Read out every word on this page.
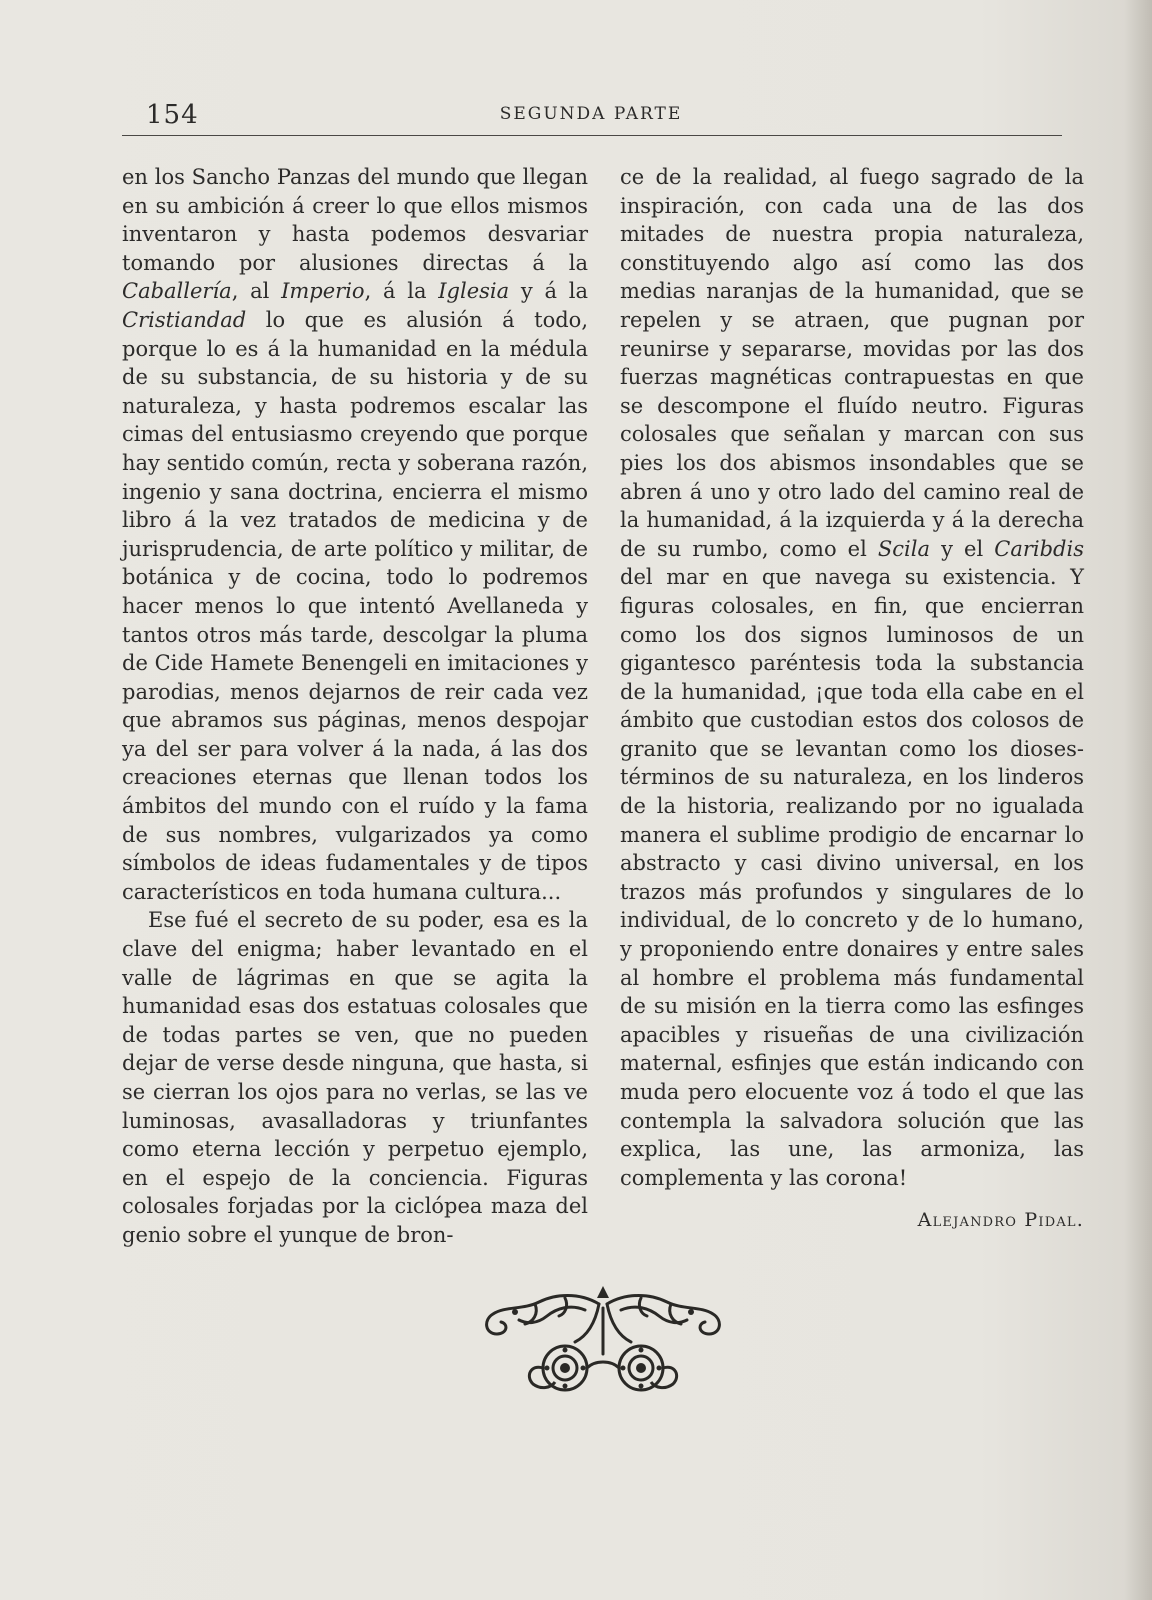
154	SEGUNDA PARTE

en los Sancho Panzas del mundo que llegan en su ambición á creer lo que ellos mismos inventaron y hasta podemos desvariar tomando por alusiones directas á la Caballería, al Imperio, á la Iglesia y á la Cristiandad lo que es alusión á todo, porque lo es á la humanidad en la médula de su substancia, de su historia y de su naturaleza, y hasta podremos escalar las cimas del entusiasmo creyendo que porque hay sentido común, recta y soberana razón, ingenio y sana doctrina, encierra el mismo libro á la vez tratados de medicina y de jurisprudencia, de arte político y militar, de botánica y de cocina, todo lo podremos hacer menos lo que intentó Avellaneda y tantos otros más tarde, descolgar la pluma de Cide Hamete Benengeli en imitaciones y parodias, menos dejarnos de reir cada vez que abramos sus páginas, menos despojar ya del ser para volver á la nada, á las dos creaciones eternas que llenan todos los ámbitos del mundo con el ruído y la fama de sus nombres, vulgarizados ya como símbolos de ideas fudamentales y de tipos característicos en toda humana cultura...

Ese fué el secreto de su poder, esa es la clave del enigma; haber levantado en el valle de lágrimas en que se agita la humanidad esas dos estatuas colosales que de todas partes se ven, que no pueden dejar de verse desde ninguna, que hasta, si se cierran los ojos para no verlas, se las ve luminosas, avasalladoras y triunfantes como eterna lección y perpetuo ejemplo, en el espejo de la conciencia. Figuras colosales forjadas por la ciclópea maza del genio sobre el yunque de bron-

ce de la realidad, al fuego sagrado de la inspiración, con cada una de las dos mitades de nuestra propia naturaleza, constituyendo algo así como las dos medias naranjas de la humanidad, que se repelen y se atraen, que pugnan por reunirse y separarse, movidas por las dos fuerzas magnéticas contrapuestas en que se descompone el fluído neutro. Figuras colosales que señalan y marcan con sus pies los dos abismos insondables que se abren á uno y otro lado del camino real de la humanidad, á la izquierda y á la derecha de su rumbo, como el Scila y el Caribdis del mar en que navega su existencia. Y figuras colosales, en fin, que encierran como los dos signos luminosos de un gigantesco paréntesis toda la substancia de la humanidad, ¡que toda ella cabe en el ámbito que custodian estos dos colosos de granito que se levantan como los dioses-términos de su naturaleza, en los linderos de la historia, realizando por no igualada manera el sublime prodigio de encarnar lo abstracto y casi divino universal, en los trazos más profundos y singulares de lo individual, de lo concreto y de lo humano, y proponiendo entre donaires y entre sales al hombre el problema más fundamental de su misión en la tierra como las esfinges apacibles y risueñas de una civilización maternal, esfinjes que están indicando con muda pero elocuente voz á todo el que las contempla la salvadora solución que las explica, las une, las armoniza, las complementa y las corona!

Alejandro Pidal.
